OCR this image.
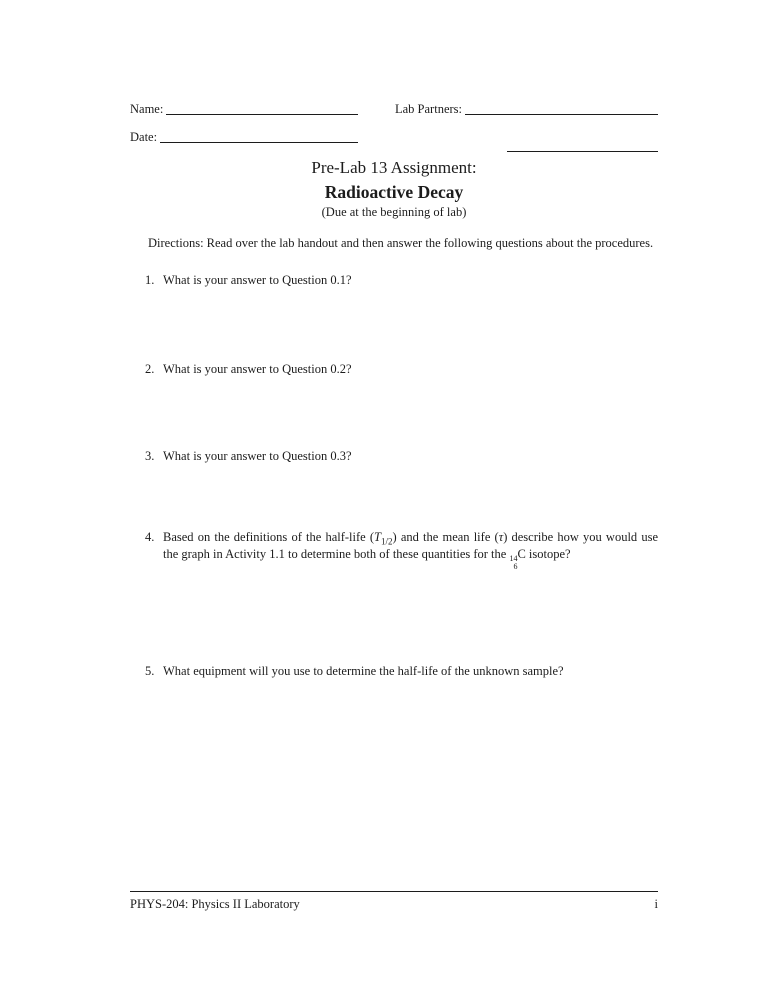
Name:	Lab Partners:
Date:
Pre-Lab 13 Assignment:
Radioactive Decay
(Due at the beginning of lab)

Directions: Read over the lab handout and then answer the following questions about the procedures.

1. What is your answer to Question 0.1?
2. What is your answer to Question 0.2?
3. What is your answer to Question 0.3?
4. Based on the definitions of the half-life $(T_{1/2})$ and the mean life (τ) describe how you would use the graph in Activity 1.1 to determine both of these quantities for the 14
6
C isotope?
5. What equipment will you use to determine the half-life of the unknown sample?
PHYS-204: Physics II Laboratory	i
